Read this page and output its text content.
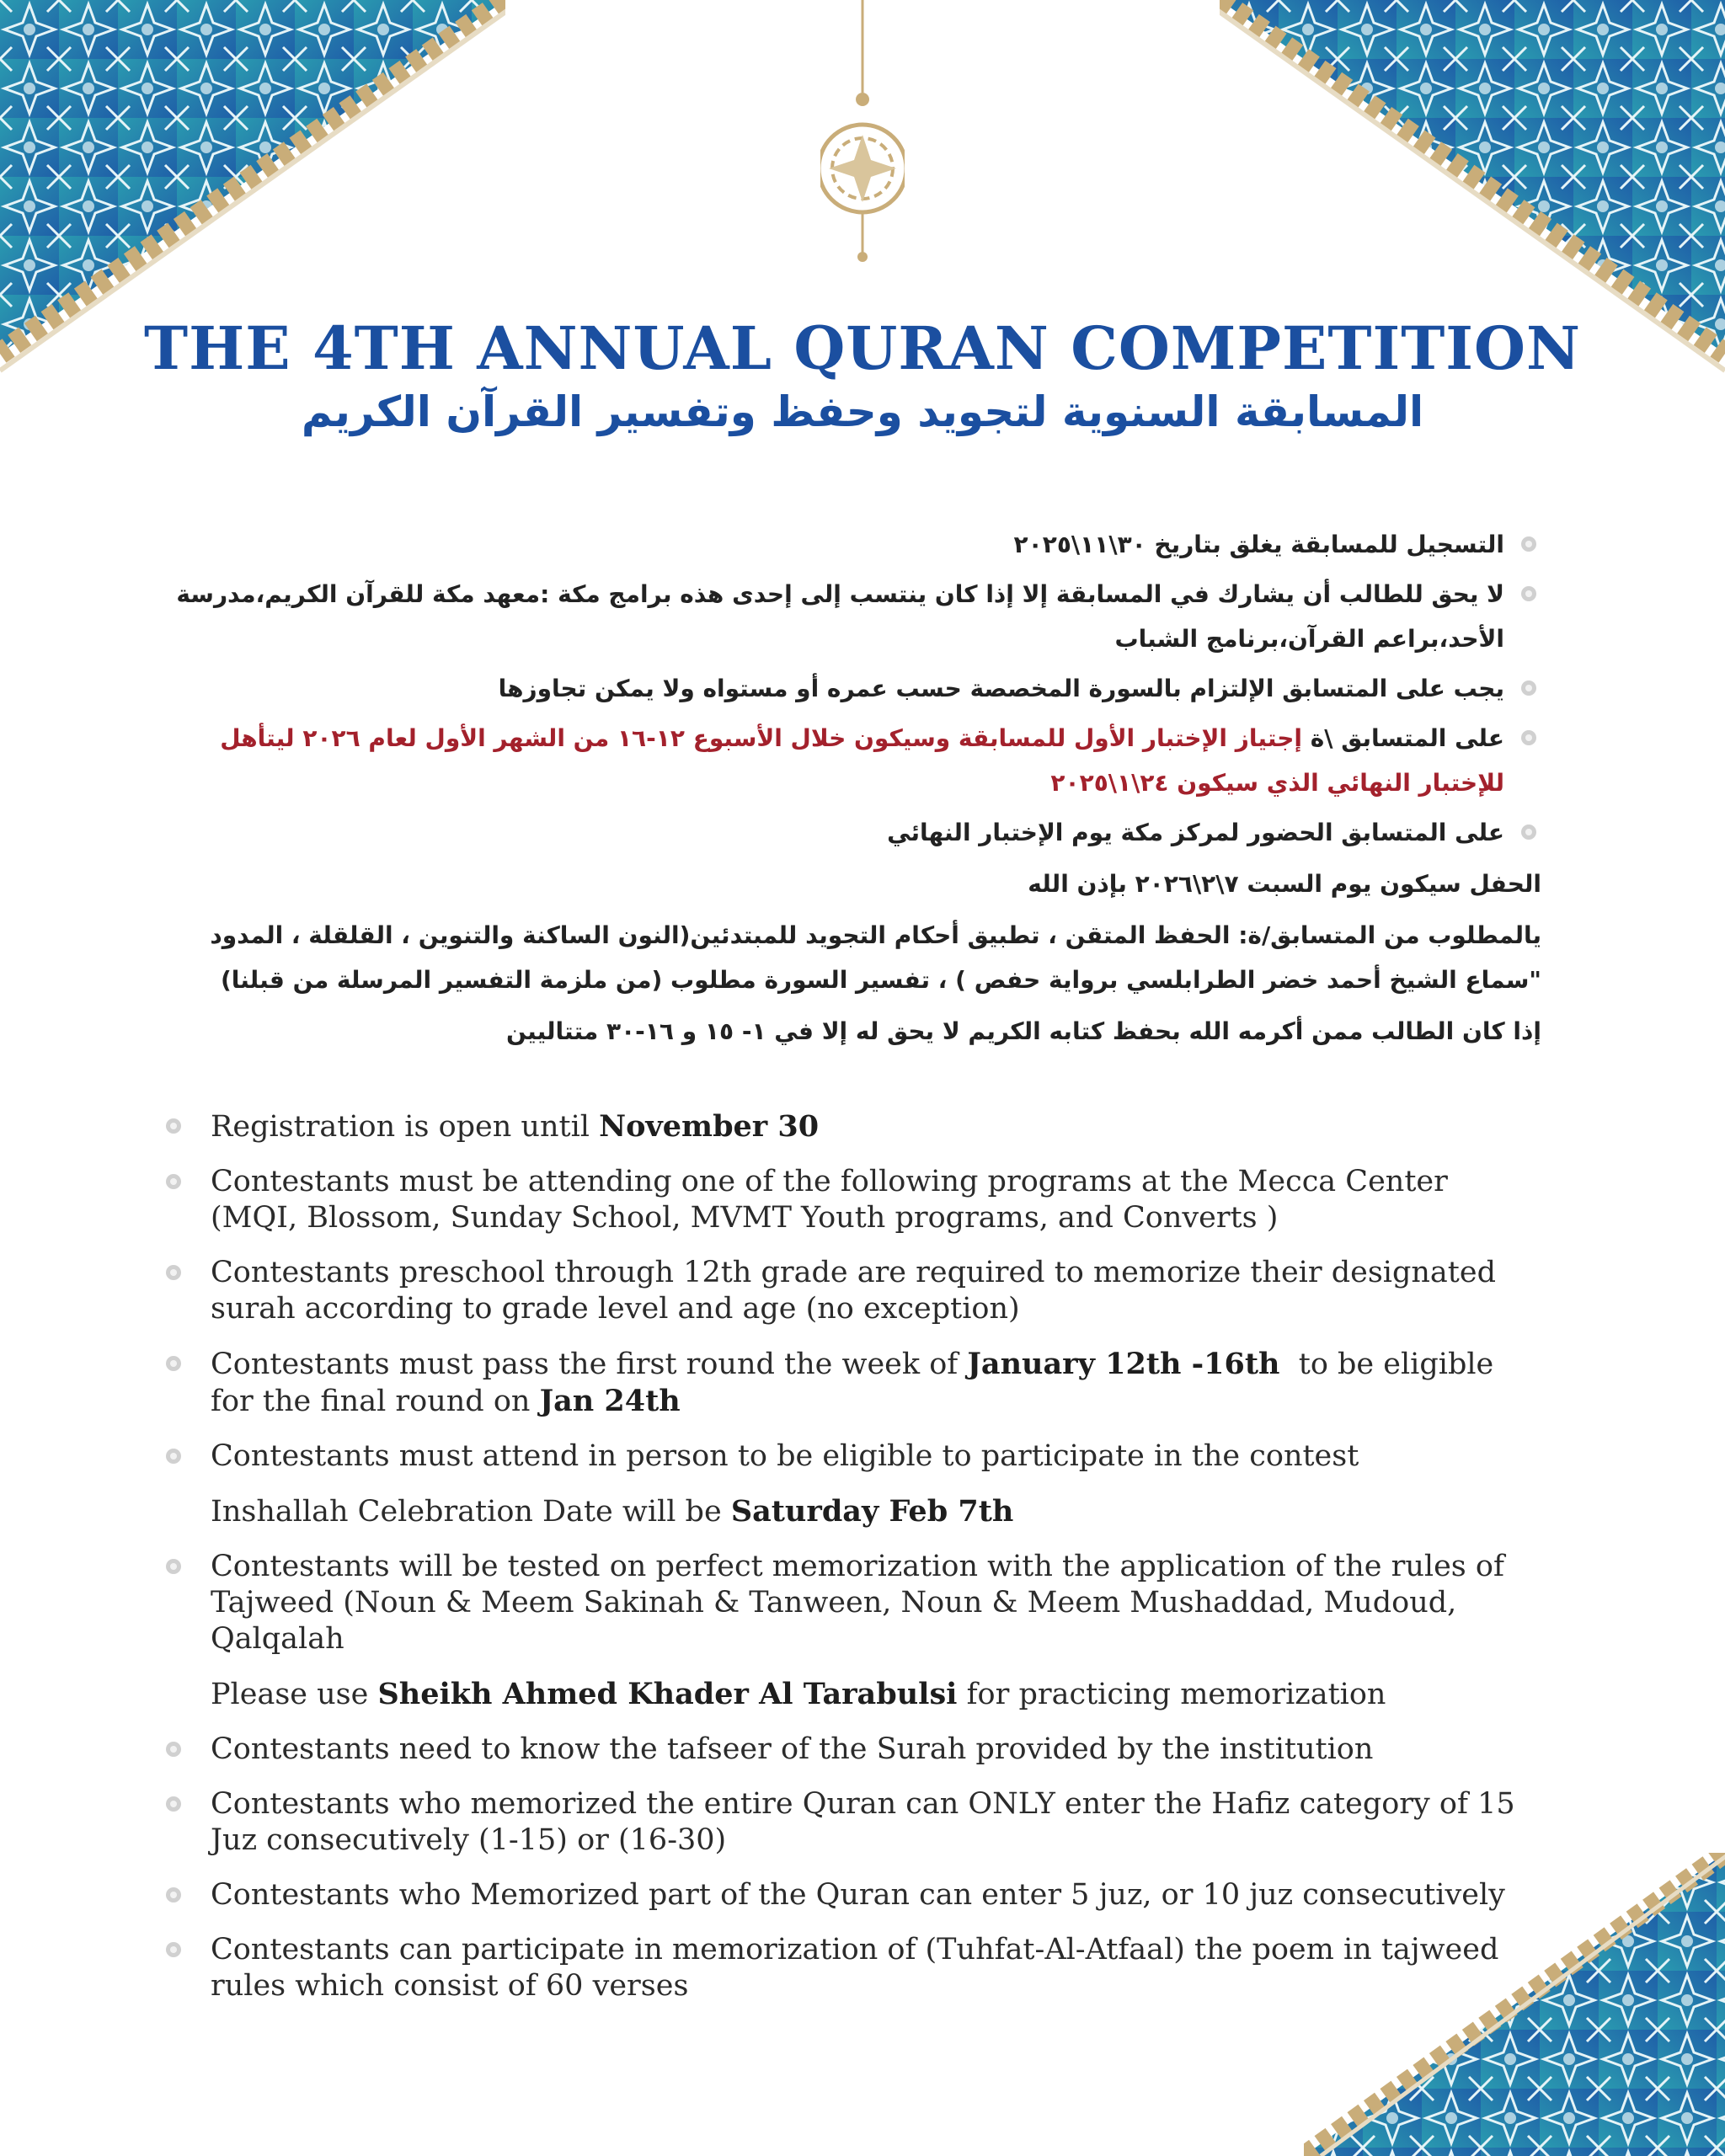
THE 4TH ANNUAL QURAN COMPETITION
المسابقة السنوية لتجويد وحفظ وتفسير القرآن الكريم
التسجيل للمسابقة يغلق بتاريخ ٣٠\١١\٢٠٢٥
لا يحق للطالب أن يشارك في المسابقة إلا إذا كان ينتسب إلى إحدى هذه برامج مكة :معهد مكة للقرآن الكريم،مدرسة الأحد،براعم القرآن،برنامج الشباب
يجب على المتسابق الإلتزام بالسورة المخصصة حسب عمره أو مستواه ولا يمكن تجاوزها
على المتسابق \ة إجتياز الإختبار الأول للمسابقة وسيكون خلال الأسبوع ١٢-١٦ من الشهر الأول لعام ٢٠٢٦ ليتأهل للإختبار النهائي الذي سيكون ٢٤\١\٢٠٢٥
على المتسابق الحضور لمركز مكة يوم الإختبار النهائي
الحفل سيكون يوم السبت ٧\٢\٢٠٢٦ بإذن الله
يالمطلوب من المتسابق/ة: الحفظ المتقن ، تطبيق أحكام التجويد للمبتدئين(النون الساكنة والتنوين ، القلقلة ، المدود "سماع الشيخ أحمد خضر الطرابلسي برواية حفص ) ، تفسير السورة مطلوب (من ملزمة التفسير المرسلة من قبلنا)
إذا كان الطالب ممن أكرمه الله بحفظ كتابه الكريم لا يحق له إلا في ١- ١٥ و ١٦-٣٠ متتاليين
Registration is open until November 30
Contestants must be attending one of the following programs at the Mecca Center (MQI, Blossom, Sunday School, MVMT Youth programs, and Converts )
Contestants preschool through 12th grade are required to memorize their designated surah according to grade level and age (no exception)
Contestants must pass the first round the week of January 12th -16th  to be eligible for the final round on Jan 24th
Contestants must attend in person to be eligible to participate in the contest
Inshallah Celebration Date will be Saturday Feb 7th
Contestants will be tested on perfect memorization with the application of the rules of Tajweed (Noun & Meem Sakinah & Tanween, Noun & Meem Mushaddad, Mudoud, Qalqalah
Please use Sheikh Ahmed Khader Al Tarabulsi for practicing memorization
Contestants need to know the tafseer of the Surah provided by the institution
Contestants who memorized the entire Quran can ONLY enter the Hafiz category of 15 Juz consecutively (1-15) or (16-30)
Contestants who Memorized part of the Quran can enter 5 juz, or 10 juz consecutively
Contestants can participate in memorization of (Tuhfat-Al-Atfaal) the poem in tajweed rules which consist of 60 verses
